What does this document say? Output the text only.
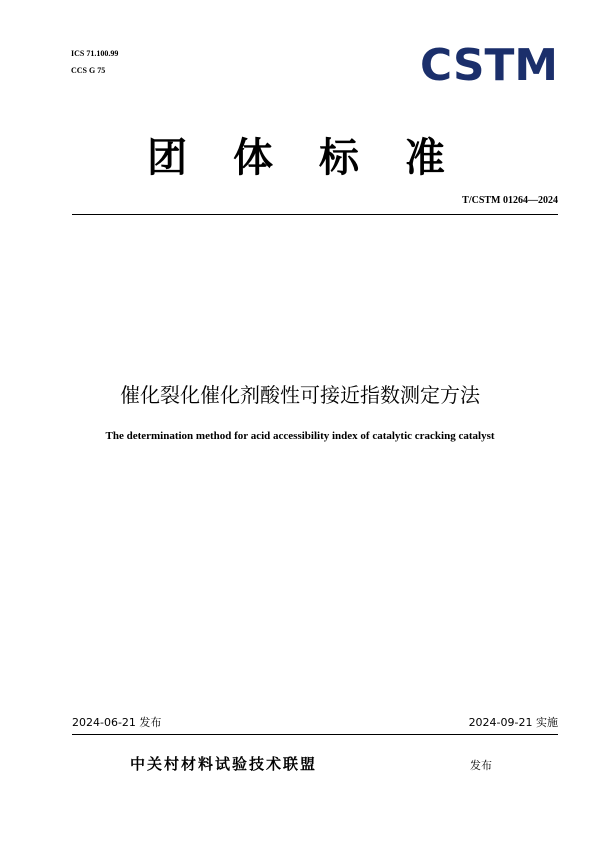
ICS 71.100.99
CCS G 75	CSTM
团 体 标 准
T/CSTM 01264—2024
催化裂化催化剂酸性可接近指数测定方法
The determination method for acid accessibility index of catalytic cracking catalyst
2024-06-21 发布	2024-09-21 实施
中关村材料试验技术联盟	发布
